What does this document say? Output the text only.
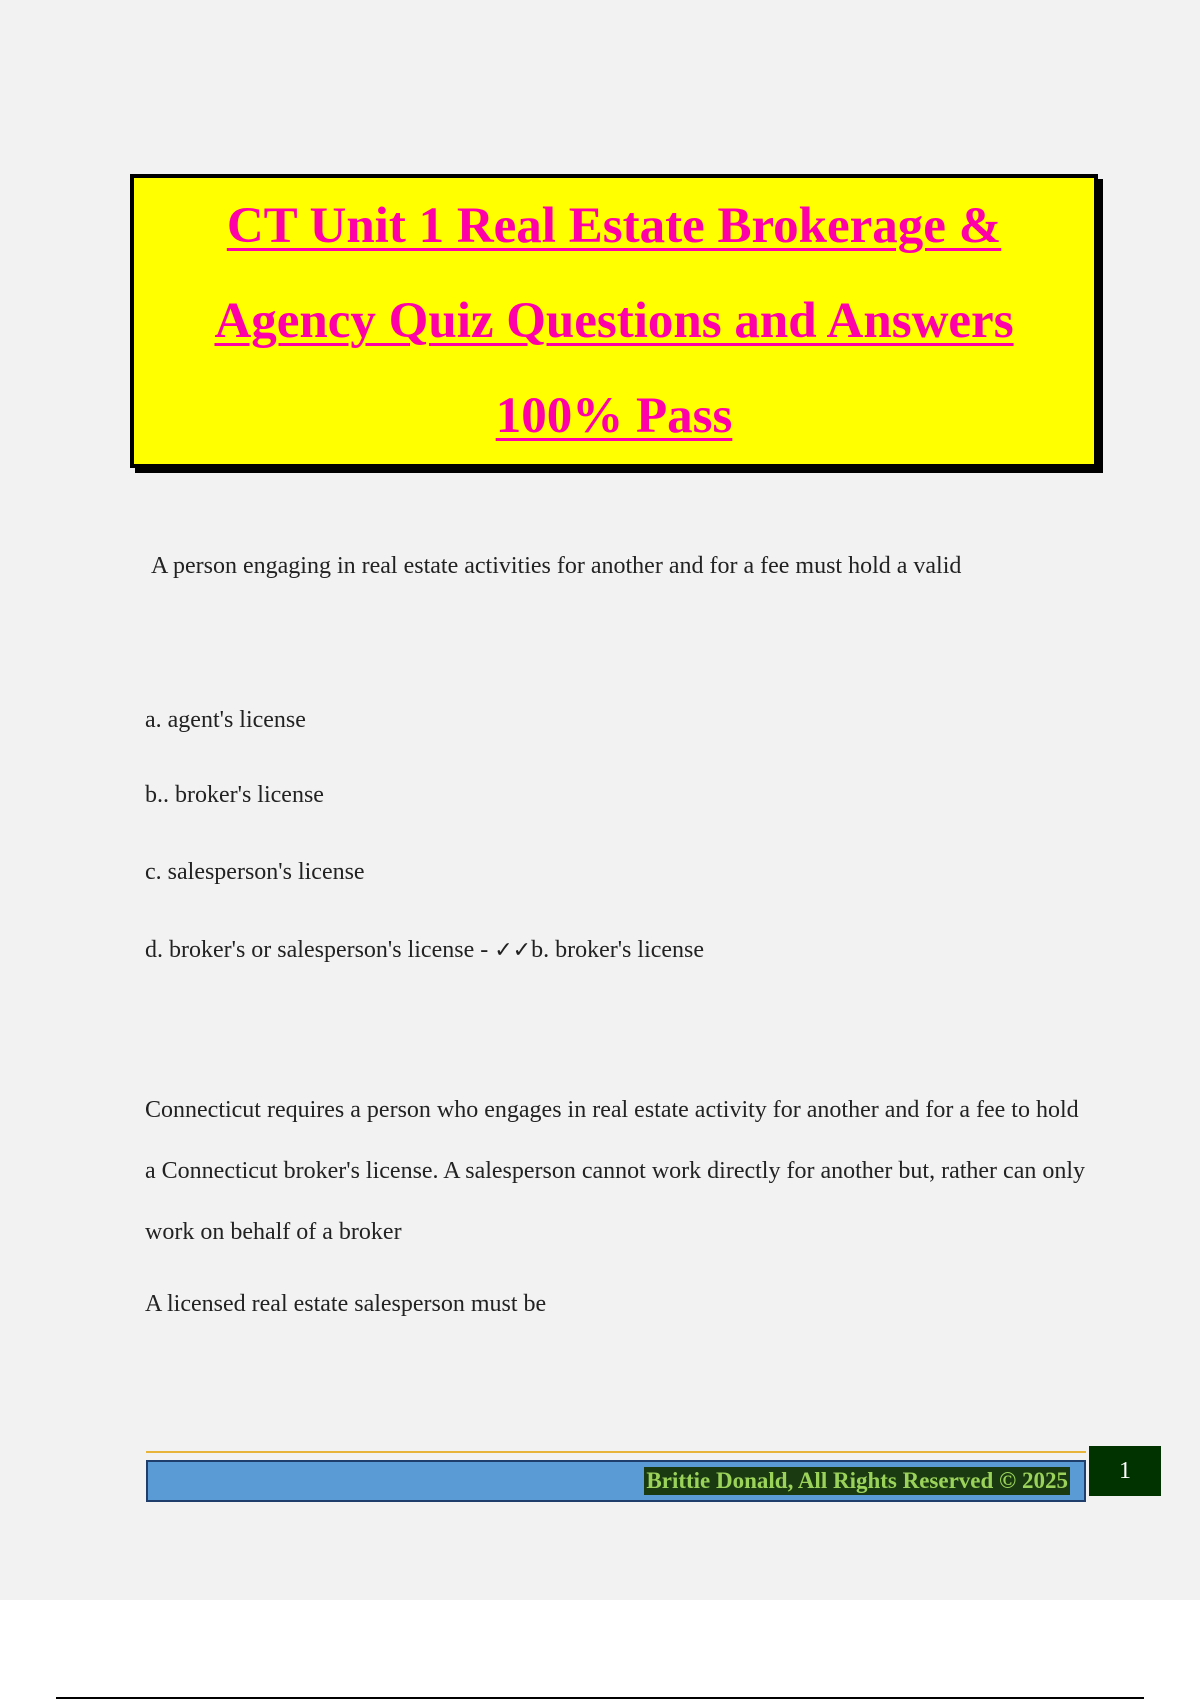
CT Unit 1 Real Estate Brokerage &
Agency Quiz Questions and Answers
100% Pass
A person engaging in real estate activities for another and for a fee must hold a valid
a. agent's license
b.. broker's license
c. salesperson's license
d. broker's or salesperson's license - ✓✓b. broker's license
Connecticut requires a person who engages in real estate activity for another and for a fee to hold a Connecticut broker's license. A salesperson cannot work directly for another but, rather can only work on behalf of a broker
A licensed real estate salesperson must be
Brittie Donald, All Rights Reserved © 2025 1
